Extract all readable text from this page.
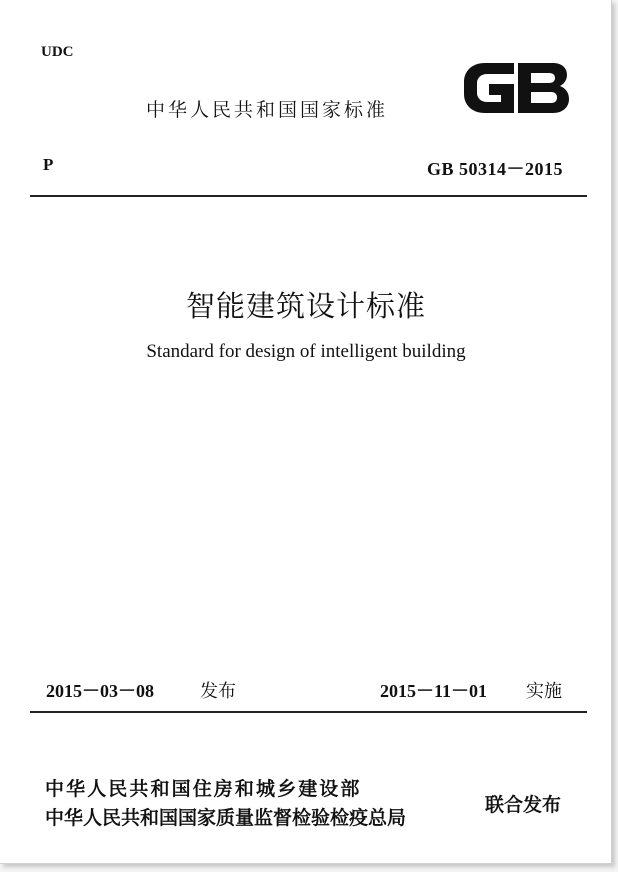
UDC
中华人民共和国国家标准
P	GB 50314－2015
智能建筑设计标准
Standard for design of intelligent building
2015－03－08	发布	2015－11－01 实施
中华人民共和国住房和城乡建设部
中华人民共和国国家质量监督检验检疫总局
联合发布
